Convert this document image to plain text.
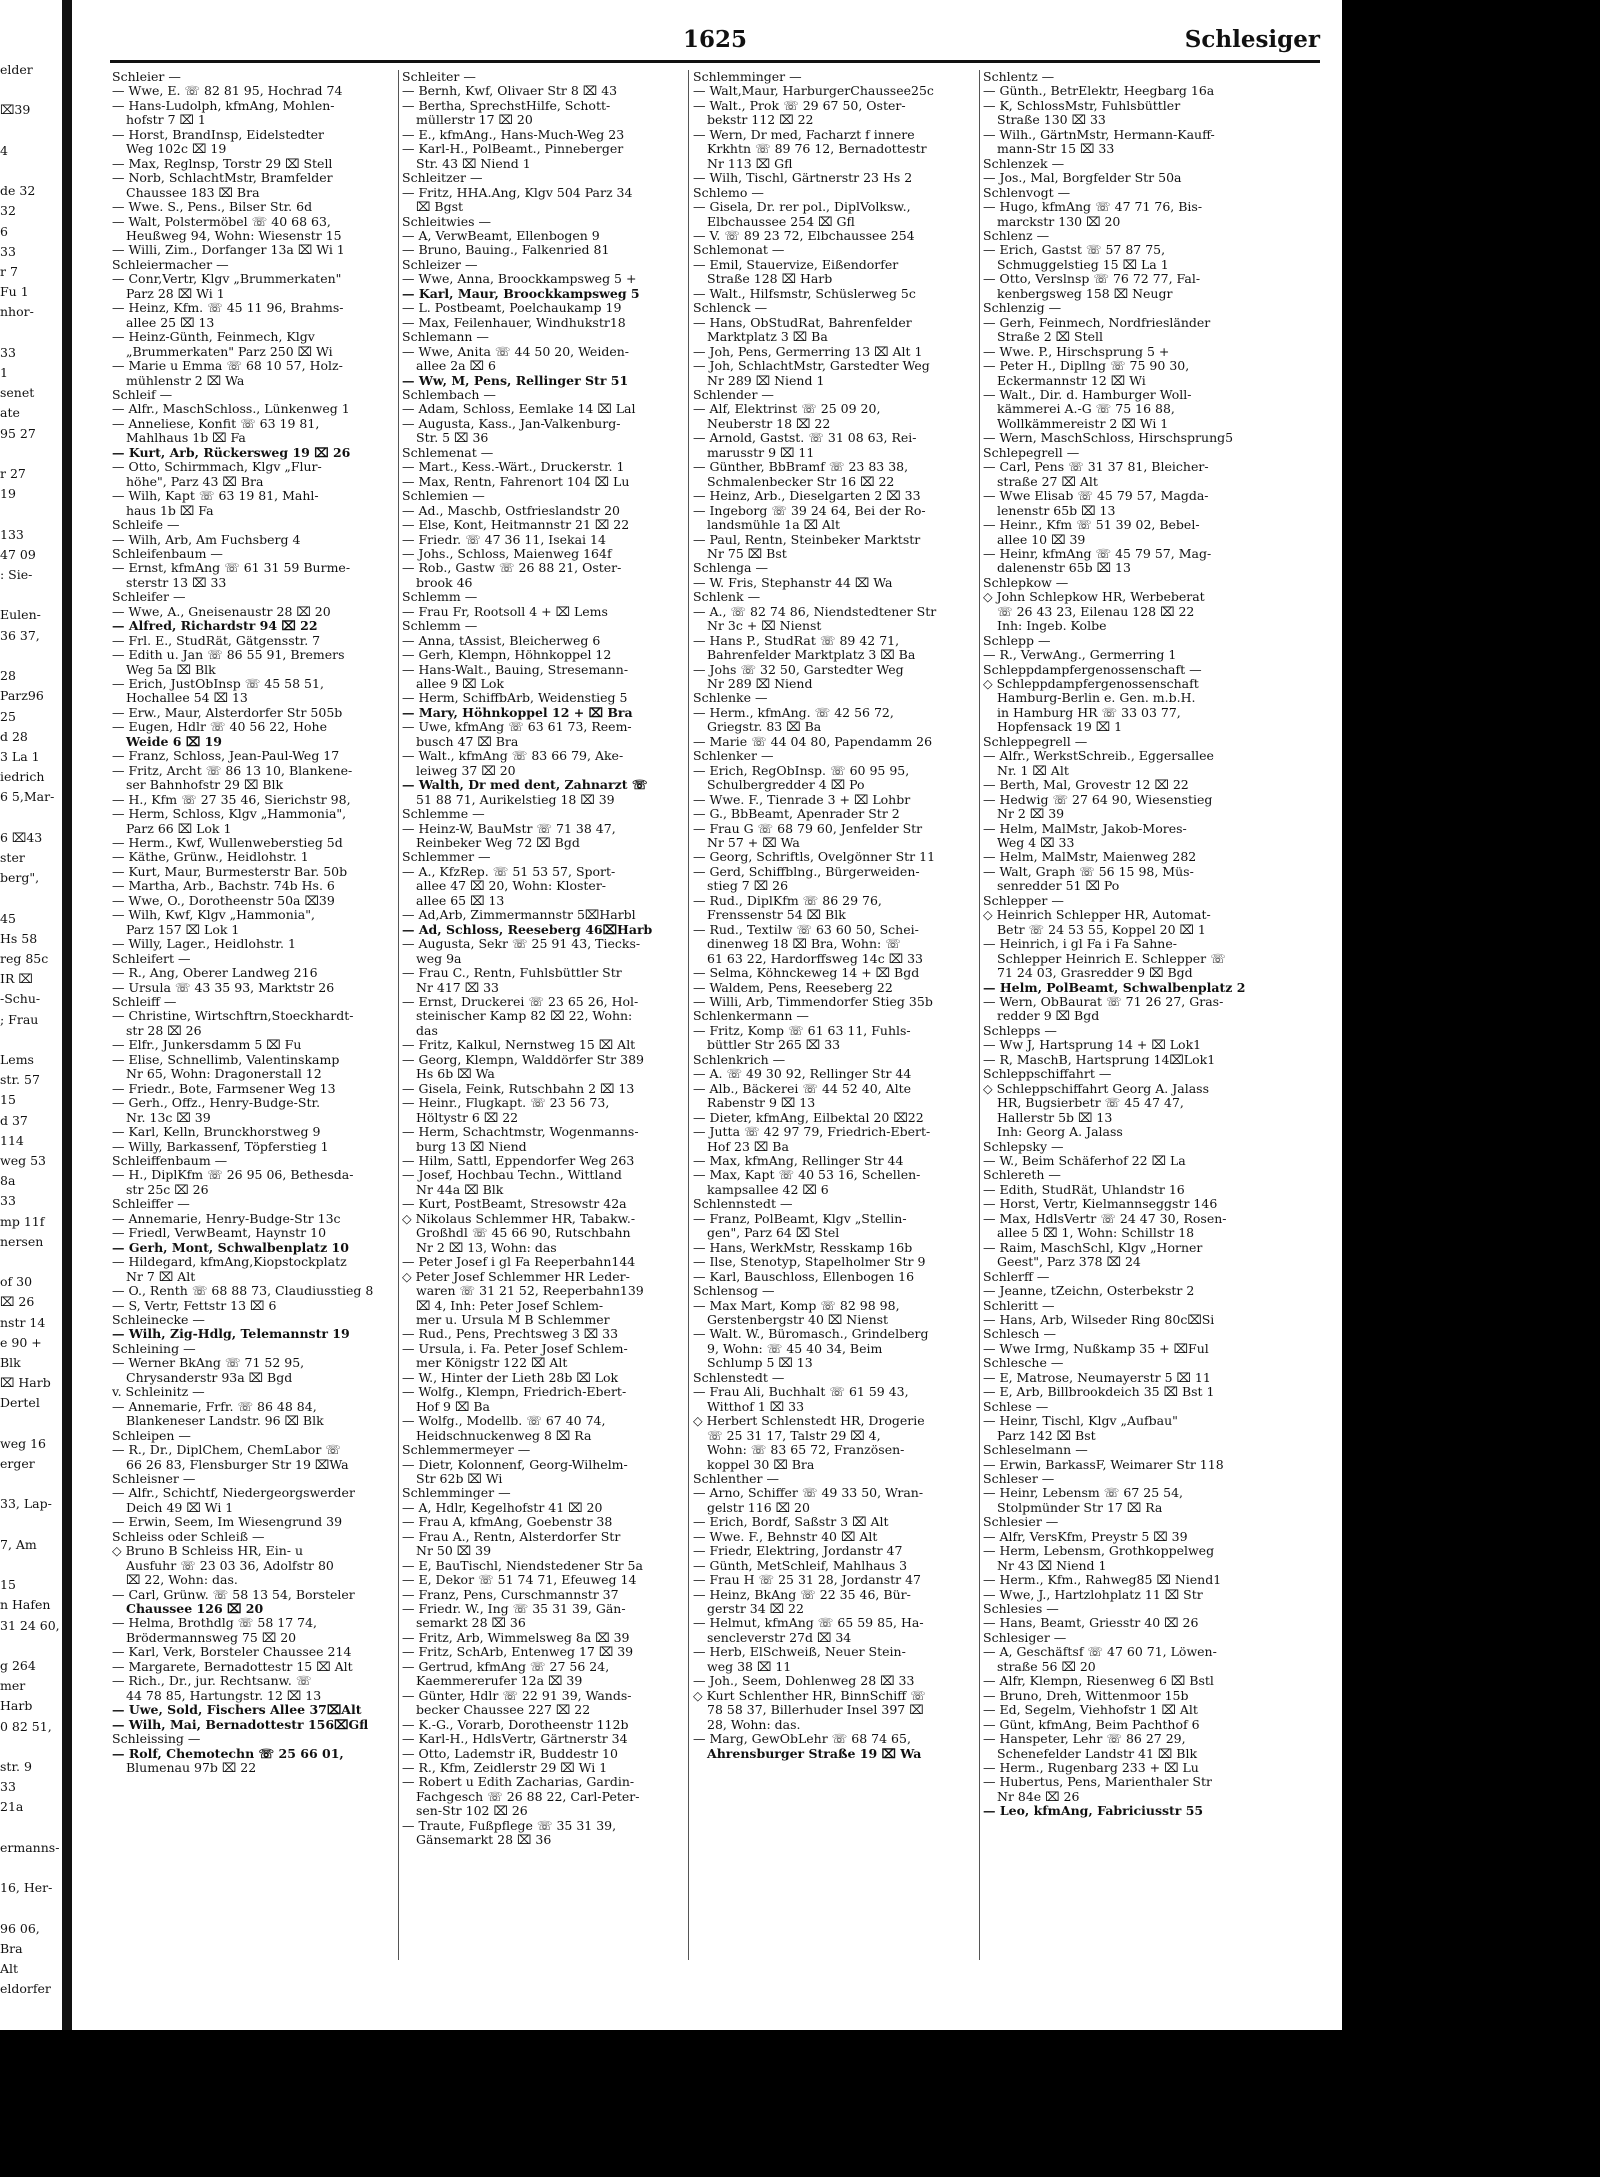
elder

⌧39

4

de 32
32
6
33
r 7
Fu 1
nhor-

33
1
senet
ate
95 27

r 27
19

133
47 09
: Sie-

Eulen-
36 37,

28
Parz96
25
d 28
3 La 1
iedrich
6 5,Mar-

6 ⌧43
ster
berg",

45
Hs 58
reg 85c
IR ⌧
-Schu-
; Frau

Lems
str. 57
15
d 37
114
weg 53
8a
33
mp 11f
nersen

of 30
⌧ 26
nstr 14
e 90 +
Blk
⌧ Harb
Dertel

weg 16
erger

33, Lap-

7, Am

15
n Hafen
31 24 60,

g 264
mer
Harb
0 82 51,

str. 9
33
21a

ermanns-

16, Her-

96 06,
Bra
Alt
eldorfer
1625	Schlesiger
Schleier —
— Wwe, E. ☏ 82 81 95, Hochrad 74
— Hans-Ludolph, kfmAng, Mohlen-
hofstr 7 ⌧ 1
— Horst, BrandInsp, Eidelstedter
Weg 102c ⌧ 19
— Max, Reglnsp, Torstr 29 ⌧ Stell
— Norb, SchlachtMstr, Bramfelder
Chaussee 183 ⌧ Bra
— Wwe. S., Pens., Bilser Str. 6d
— Walt, Polstermöbel ☏ 40 68 63,
Heußweg 94, Wohn: Wiesenstr 15
— Willi, Zim., Dorfanger 13a ⌧ Wi 1
Schleiermacher —
— Conr,Vertr, Klgv „Brummerkaten"
Parz 28 ⌧ Wi 1
— Heinz, Kfm. ☏ 45 11 96, Brahms-
allee 25 ⌧ 13
— Heinz-Günth, Feinmech, Klgv
„Brummerkaten" Parz 250 ⌧ Wi
— Marie u Emma ☏ 68 10 57, Holz-
mühlenstr 2 ⌧ Wa
Schleif —
— Alfr., MaschSchloss., Lünkenweg 1
— Anneliese, Konfit ☏ 63 19 81,
Mahlhaus 1b ⌧ Fa
— Kurt, Arb, Rückersweg 19 ⌧ 26
— Otto, Schirmmach, Klgv „Flur-
höhe", Parz 43 ⌧ Bra
— Wilh, Kapt ☏ 63 19 81, Mahl-
haus 1b ⌧ Fa
Schleife —
— Wilh, Arb, Am Fuchsberg 4
Schleifenbaum —
— Ernst, kfmAng ☏ 61 31 59 Burme-
sterstr 13 ⌧ 33
Schleifer —
— Wwe, A., Gneisenaustr 28 ⌧ 20
— Alfred, Richardstr 94 ⌧ 22
— Frl. E., StudRät, Gätgensstr. 7
— Edith u. Jan ☏ 86 55 91, Bremers
Weg 5a ⌧ Blk
— Erich, JustObInsp ☏ 45 58 51,
Hochallee 54 ⌧ 13
— Erw., Maur, Alsterdorfer Str 505b
— Eugen, Hdlr ☏ 40 56 22, Hohe
Weide 6 ⌧ 19
— Franz, Schloss, Jean-Paul-Weg 17
— Fritz, Archt ☏ 86 13 10, Blankene-
ser Bahnhofstr 29 ⌧ Blk
— H., Kfm ☏ 27 35 46, Sierichstr 98,
— Herm, Schloss, Klgv „Hammonia",
Parz 66 ⌧ Lok 1
— Herm., Kwf, Wullenweberstieg 5d
— Käthe, Grünw., Heidlohstr. 1
— Kurt, Maur, Burmesterstr Bar. 50b
— Martha, Arb., Bachstr. 74b Hs. 6
— Wwe, O., Dorotheenstr 50a ⌧39
— Wilh, Kwf, Klgv „Hammonia",
Parz 157 ⌧ Lok 1
— Willy, Lager., Heidlohstr. 1
Schleifert —
— R., Ang, Oberer Landweg 216
— Ursula ☏ 43 35 93, Marktstr 26
Schleiff —
— Christine, Wirtschftrn,Stoeckhardt-
str 28 ⌧ 26
— Elfr., Junkersdamm 5 ⌧ Fu
— Elise, Schnellimb, Valentinskamp
Nr 65, Wohn: Dragonerstall 12
— Friedr., Bote, Farmsener Weg 13
— Gerh., Offz., Henry-Budge-Str.
Nr. 13c ⌧ 39
— Karl, Kelln, Brunckhorstweg 9
— Willy, Barkassenf, Töpferstieg 1
Schleiffenbaum —
— H., DiplKfm ☏ 26 95 06, Bethesda-
str 25c ⌧ 26
Schleiffer —
— Annemarie, Henry-Budge-Str 13c
— Friedl, VerwBeamt, Haynstr 10
— Gerh, Mont, Schwalbenplatz 10
— Hildegard, kfmAng,Kiopstockplatz
Nr 7 ⌧ Alt
— O., Renth ☏ 68 88 73, Claudiusstieg 8
— S, Vertr, Fettstr 13 ⌧ 6
Schleinecke —
— Wilh, Zig-Hdlg, Telemannstr 19
Schleining —
— Werner BkAng ☏ 71 52 95,
Chrysanderstr 93a ⌧ Bgd
v. Schleinitz —
— Annemarie, Frfr. ☏ 86 48 84,
Blankeneser Landstr. 96 ⌧ Blk
Schleipen —
— R., Dr., DiplChem, ChemLabor ☏
66 26 83, Flensburger Str 19 ⌧Wa
Schleisner —
— Alfr., Schichtf, Niedergeorgswerder
Deich 49 ⌧ Wi 1
— Erwin, Seem, Im Wiesengrund 39
Schleiss oder Schleiß —
◇ Bruno B Schleiss HR, Ein- u
Ausfuhr ☏ 23 03 36, Adolfstr 80
⌧ 22, Wohn: das.
— Carl, Grünw. ☏ 58 13 54, Borsteler
Chaussee 126 ⌧ 20
— Helma, Brothdlg ☏ 58 17 74,
Brödermannsweg 75 ⌧ 20
— Karl, Verk, Borsteler Chaussee 214
— Margarete, Bernadottestr 15 ⌧ Alt
— Rich., Dr., jur. Rechtsanw. ☏
44 78 85, Hartungstr. 12 ⌧ 13
— Uwe, Sold, Fischers Allee 37⌧Alt
— Wilh, Mai, Bernadottestr 156⌧Gfl
Schleissing —
— Rolf, Chemotechn ☏ 25 66 01,
Blumenau 97b ⌧ 22
Schleiter —
— Bernh, Kwf, Olivaer Str 8 ⌧ 43
— Bertha, SprechstHilfe, Schott-
müllerstr 17 ⌧ 20
— E., kfmAng., Hans-Much-Weg 23
— Karl-H., PolBeamt., Pinneberger
Str. 43 ⌧ Niend 1
Schleitzer —
— Fritz, HHA.Ang, Klgv 504 Parz 34
⌧ Bgst
Schleitwies —
— A, VerwBeamt, Ellenbogen 9
— Bruno, Bauing., Falkenried 81
Schleizer —
— Wwe, Anna, Broockkampsweg 5 +
— Karl, Maur, Broockkampsweg 5
— L. Postbeamt, Poelchaukamp 19
— Max, Feilenhauer, Windhukstr18
Schlemann —
— Wwe, Anita ☏ 44 50 20, Weiden-
allee 2a ⌧ 6
— Ww, M, Pens, Rellinger Str 51
Schlembach —
— Adam, Schloss, Eemlake 14 ⌧ Lal
— Augusta, Kass., Jan-Valkenburg-
Str. 5 ⌧ 36
Schlemenat —
— Mart., Kess.-Wärt., Druckerstr. 1
— Max, Rentn, Fahrenort 104 ⌧ Lu
Schlemien —
— Ad., Maschb, Ostfrieslandstr 20
— Else, Kont, Heitmannstr 21 ⌧ 22
— Friedr. ☏ 47 36 11, Isekai 14
— Johs., Schloss, Maienweg 164f
— Rob., Gastw ☏ 26 88 21, Oster-
brook 46
Schlemm —
— Frau Fr, Rootsoll 4 + ⌧ Lems
Schlemm —
— Anna, tAssist, Bleicherweg 6
— Gerh, Klempn, Höhnkoppel 12
— Hans-Walt., Bauing, Stresemann-
allee 9 ⌧ Lok
— Herm, SchiffbArb, Weidenstieg 5
— Mary, Höhnkoppel 12 + ⌧ Bra
— Uwe, kfmAng ☏ 63 61 73, Reem-
busch 47 ⌧ Bra
— Walt., kfmAng ☏ 83 66 79, Ake-
leiweg 37 ⌧ 20
— Walth, Dr med dent, Zahnarzt ☏
51 88 71, Aurikelstieg 18 ⌧ 39
Schlemme —
— Heinz-W, BauMstr ☏ 71 38 47,
Reinbeker Weg 72 ⌧ Bgd
Schlemmer —
— A., KfzRep. ☏ 51 53 57, Sport-
allee 47 ⌧ 20, Wohn: Kloster-
allee 65 ⌧ 13
— Ad,Arb, Zimmermannstr 5⌧Harbl
— Ad, Schloss, Reeseberg 46⌧Harb
— Augusta, Sekr ☏ 25 91 43, Tiecks-
weg 9a
— Frau C., Rentn, Fuhlsbüttler Str
Nr 417 ⌧ 33
— Ernst, Druckerei ☏ 23 65 26, Hol-
steinischer Kamp 82 ⌧ 22, Wohn:
das
— Fritz, Kalkul, Nernstweg 15 ⌧ Alt
— Georg, Klempn, Walddörfer Str 389
Hs 6b ⌧ Wa
— Gisela, Feink, Rutschbahn 2 ⌧ 13
— Heinr., Flugkapt. ☏ 23 56 73,
Höltystr 6 ⌧ 22
— Herm, Schachtmstr, Wogenmanns-
burg 13 ⌧ Niend
— Hilm, Sattl, Eppendorfer Weg 263
— Josef, Hochbau Techn., Wittland
Nr 44a ⌧ Blk
— Kurt, PostBeamt, Stresowstr 42a
◇ Nikolaus Schlemmer HR, Tabakw.-
Großhdl ☏ 45 66 90, Rutschbahn
Nr 2 ⌧ 13, Wohn: das
— Peter Josef i gl Fa Reeperbahn144
◇ Peter Josef Schlemmer HR Leder-
waren ☏ 31 21 52, Reeperbahn139
⌧ 4, Inh: Peter Josef Schlem-
mer u. Ursula M B Schlemmer
— Rud., Pens, Prechtsweg 3 ⌧ 33
— Ursula, i. Fa. Peter Josef Schlem-
mer Königstr 122 ⌧ Alt
— W., Hinter der Lieth 28b ⌧ Lok
— Wolfg., Klempn, Friedrich-Ebert-
Hof 9 ⌧ Ba
— Wolfg., Modellb. ☏ 67 40 74,
Heidschnuckenweg 8 ⌧ Ra
Schlemmermeyer —
— Dietr, Kolonnenf, Georg-Wilhelm-
Str 62b ⌧ Wi
Schlemminger —
— A, Hdlr, Kegelhofstr 41 ⌧ 20
— Frau A, kfmAng, Goebenstr 38
— Frau A., Rentn, Alsterdorfer Str
Nr 50 ⌧ 39
— E, BauTischl, Niendstedener Str 5a
— E, Dekor ☏ 51 74 71, Efeuweg 14
— Franz, Pens, Curschmannstr 37
— Friedr. W., Ing ☏ 35 31 39, Gän-
semarkt 28 ⌧ 36
— Fritz, Arb, Wimmelsweg 8a ⌧ 39
— Fritz, SchArb, Entenweg 17 ⌧ 39
— Gertrud, kfmAng ☏ 27 56 24,
Kaemmererufer 12a ⌧ 39
— Günter, Hdlr ☏ 22 91 39, Wands-
becker Chaussee 227 ⌧ 22
— K.-G., Vorarb, Dorotheenstr 112b
— Karl-H., HdlsVertr, Gärtnerstr 34
— Otto, Lademstr iR, Buddestr 10
— R., Kfm, Zeidlerstr 29 ⌧ Wi 1
— Robert u Edith Zacharias, Gardin-
Fachgesch ☏ 26 88 22, Carl-Peter-
sen-Str 102 ⌧ 26
— Traute, Fußpflege ☏ 35 31 39,
Gänsemarkt 28 ⌧ 36
Schlemminger —
— Walt,Maur, HarburgerChaussee25c
— Walt., Prok ☏ 29 67 50, Oster-
bekstr 112 ⌧ 22
— Wern, Dr med, Facharzt f innere
Krkhtn ☏ 89 76 12, Bernadottestr
Nr 113 ⌧ Gfl
— Wilh, Tischl, Gärtnerstr 23 Hs 2
Schlemo —
— Gisela, Dr. rer pol., DiplVolksw.,
Elbchaussee 254 ⌧ Gfl
— V. ☏ 89 23 72, Elbchaussee 254
Schlemonat —
— Emil, Stauervize, Eißendorfer
Straße 128 ⌧ Harb
— Walt., Hilfsmstr, Schüslerweg 5c
Schlenck —
— Hans, ObStudRat, Bahrenfelder
Marktplatz 3 ⌧ Ba
— Joh, Pens, Germerring 13 ⌧ Alt 1
— Joh, SchlachtMstr, Garstedter Weg
Nr 289 ⌧ Niend 1
Schlender —
— Alf, Elektrinst ☏ 25 09 20,
Neuberstr 18 ⌧ 22
— Arnold, Gastst. ☏ 31 08 63, Rei-
marusstr 9 ⌧ 11
— Günther, BbBramf ☏ 23 83 38,
Schmalenbecker Str 16 ⌧ 22
— Heinz, Arb., Dieselgarten 2 ⌧ 33
— Ingeborg ☏ 39 24 64, Bei der Ro-
landsmühle 1a ⌧ Alt
— Paul, Rentn, Steinbeker Marktstr
Nr 75 ⌧ Bst
Schlenga —
— W. Fris, Stephanstr 44 ⌧ Wa
Schlenk —
— A., ☏ 82 74 86, Niendstedtener Str
Nr 3c + ⌧ Nienst
— Hans P., StudRat ☏ 89 42 71,
Bahrenfelder Marktplatz 3 ⌧ Ba
— Johs ☏ 32 50, Garstedter Weg
Nr 289 ⌧ Niend
Schlenke —
— Herm., kfmAng. ☏ 42 56 72,
Griegstr. 83 ⌧ Ba
— Marie ☏ 44 04 80, Papendamm 26
Schlenker —
— Erich, RegObInsp. ☏ 60 95 95,
Schulbergredder 4 ⌧ Po
— Wwe. F., Tienrade 3 + ⌧ Lohbr
— G., BbBeamt, Apenrader Str 2
— Frau G ☏ 68 79 60, Jenfelder Str
Nr 57 + ⌧ Wa
— Georg, Schriftls, Ovelgönner Str 11
— Gerd, Schiffblng., Bürgerweiden-
stieg 7 ⌧ 26
— Rud., DiplKfm ☏ 86 29 76,
Frenssenstr 54 ⌧ Blk
— Rud., Textilw ☏ 63 60 50, Schei-
dinenweg 18 ⌧ Bra, Wohn: ☏
61 63 22, Hardorffsweg 14c ⌧ 33
— Selma, Köhnckeweg 14 + ⌧ Bgd
— Waldem, Pens, Reeseberg 22
— Willi, Arb, Timmendorfer Stieg 35b
Schlenkermann —
— Fritz, Komp ☏ 61 63 11, Fuhls-
büttler Str 265 ⌧ 33
Schlenkrich —
— A. ☏ 49 30 92, Rellinger Str 44
— Alb., Bäckerei ☏ 44 52 40, Alte
Rabenstr 9 ⌧ 13
— Dieter, kfmAng, Eilbektal 20 ⌧22
— Jutta ☏ 42 97 79, Friedrich-Ebert-
Hof 23 ⌧ Ba
— Max, kfmAng, Rellinger Str 44
— Max, Kapt ☏ 40 53 16, Schellen-
kampsallee 42 ⌧ 6
Schlennstedt —
— Franz, PolBeamt, Klgv „Stellin-
gen", Parz 64 ⌧ Stel
— Hans, WerkMstr, Resskamp 16b
— Ilse, Stenotyp, Stapelholmer Str 9
— Karl, Bauschloss, Ellenbogen 16
Schlensog —
— Max Mart, Komp ☏ 82 98 98,
Gerstenbergstr 40 ⌧ Nienst
— Walt. W., Büromasch., Grindelberg
9, Wohn: ☏ 45 40 34, Beim
Schlump 5 ⌧ 13
Schlenstedt —
— Frau Ali, Buchhalt ☏ 61 59 43,
Witthof 1 ⌧ 33
◇ Herbert Schlenstedt HR, Drogerie
☏ 25 31 17, Talstr 29 ⌧ 4,
Wohn: ☏ 83 65 72, Französen-
koppel 30 ⌧ Bra
Schlenther —
— Arno, Schiffer ☏ 49 33 50, Wran-
gelstr 116 ⌧ 20
— Erich, Bordf, Saßstr 3 ⌧ Alt
— Wwe. F., Behnstr 40 ⌧ Alt
— Friedr, Elektring, Jordanstr 47
— Günth, MetSchleif, Mahlhaus 3
— Frau H ☏ 25 31 28, Jordanstr 47
— Heinz, BkAng ☏ 22 35 46, Bür-
gerstr 34 ⌧ 22
— Helmut, kfmAng ☏ 65 59 85, Ha-
sencleverstr 27d ⌧ 34
— Herb, ElSchweiß, Neuer Stein-
weg 38 ⌧ 11
— Joh., Seem, Dohlenweg 28 ⌧ 33
◇ Kurt Schlenther HR, BinnSchiff ☏
78 58 37, Billerhuder Insel 397 ⌧
28, Wohn: das.
— Marg, GewObLehr ☏ 68 74 65,
Ahrensburger Straße 19 ⌧ Wa
Schlentz —
— Günth., BetrElektr, Heegbarg 16a
— K, SchlossMstr, Fuhlsbüttler
Straße 130 ⌧ 33
— Wilh., GärtnMstr, Hermann-Kauff-
mann-Str 15 ⌧ 33
Schlenzek —
— Jos., Mal, Borgfelder Str 50a
Schlenvogt —
— Hugo, kfmAng ☏ 47 71 76, Bis-
marckstr 130 ⌧ 20
Schlenz —
— Erich, Gastst ☏ 57 87 75,
Schmuggelstieg 15 ⌧ La 1
— Otto, Verslnsp ☏ 76 72 77, Fal-
kenbergsweg 158 ⌧ Neugr
Schlenzig —
— Gerh, Feinmech, Nordfriesländer
Straße 2 ⌧ Stell
— Wwe. P., Hirschsprung 5 +
— Peter H., Dipllng ☏ 75 90 30,
Eckermannstr 12 ⌧ Wi
— Walt., Dir. d. Hamburger Woll-
kämmerei A.-G ☏ 75 16 88,
Wollkämmereistr 2 ⌧ Wi 1
— Wern, MaschSchloss, Hirschsprung5
Schlepegrell —
— Carl, Pens ☏ 31 37 81, Bleicher-
straße 27 ⌧ Alt
— Wwe Elisab ☏ 45 79 57, Magda-
lenenstr 65b ⌧ 13
— Heinr., Kfm ☏ 51 39 02, Bebel-
allee 10 ⌧ 39
— Heinr, kfmAng ☏ 45 79 57, Mag-
dalenenstr 65b ⌧ 13
Schlepkow —
◇ John Schlepkow HR, Werbeberat
☏ 26 43 23, Eilenau 128 ⌧ 22
Inh: Ingeb. Kolbe
Schlepp —
— R., VerwAng., Germerring 1
Schleppdampfergenossenschaft —
◇ Schleppdampfergenossenschaft
Hamburg-Berlin e. Gen. m.b.H.
in Hamburg HR ☏ 33 03 77,
Hopfensack 19 ⌧ 1
Schleppegrell —
— Alfr., WerkstSchreib., Eggersallee
Nr. 1 ⌧ Alt
— Berth, Mal, Grovestr 12 ⌧ 22
— Hedwig ☏ 27 64 90, Wiesenstieg
Nr 2 ⌧ 39
— Helm, MalMstr, Jakob-Mores-
Weg 4 ⌧ 33
— Helm, MalMstr, Maienweg 282
— Walt, Graph ☏ 56 15 98, Müs-
senredder 51 ⌧ Po
Schlepper —
◇ Heinrich Schlepper HR, Automat-
Betr ☏ 24 53 55, Koppel 20 ⌧ 1
— Heinrich, i gl Fa i Fa Sahne-
Schlepper Heinrich E. Schlepper ☏
71 24 03, Grasredder 9 ⌧ Bgd
— Helm, PolBeamt, Schwalbenplatz 2
— Wern, ObBaurat ☏ 71 26 27, Gras-
redder 9 ⌧ Bgd
Schlepps —
— Ww J, Hartsprung 14 + ⌧ Lok1
— R, MaschB, Hartsprung 14⌧Lok1
Schleppschiffahrt —
◇ Schleppschiffahrt Georg A. Jalass
HR, Bugsierbetr ☏ 45 47 47,
Hallerstr 5b ⌧ 13
Inh: Georg A. Jalass
Schlepsky —
— W., Beim Schäferhof 22 ⌧ La
Schlereth —
— Edith, StudRät, Uhlandstr 16
— Horst, Vertr, Kielmannseggstr 146
— Max, HdlsVertr ☏ 24 47 30, Rosen-
allee 5 ⌧ 1, Wohn: Schillstr 18
— Raim, MaschSchl, Klgv „Horner
Geest", Parz 378 ⌧ 24
Schlerff —
— Jeanne, tZeichn, Osterbekstr 2
Schleritt —
— Hans, Arb, Wilseder Ring 80c⌧Si
Schlesch —
— Wwe Irmg, Nußkamp 35 + ⌧Ful
Schlesche —
— E, Matrose, Neumayerstr 5 ⌧ 11
— E, Arb, Billbrookdeich 35 ⌧ Bst 1
Schlese —
— Heinr, Tischl, Klgv „Aufbau"
Parz 142 ⌧ Bst
Schleselmann —
— Erwin, BarkassF, Weimarer Str 118
Schleser —
— Heinr, Lebensm ☏ 67 25 54,
Stolpmünder Str 17 ⌧ Ra
Schlesier —
— Alfr, VersKfm, Preystr 5 ⌧ 39
— Herm, Lebensm, Grothkoppelweg
Nr 43 ⌧ Niend 1
— Herm., Kfm., Rahweg85 ⌧ Niend1
— Wwe, J., Hartzlohplatz 11 ⌧ Str
Schlesies —
— Hans, Beamt, Griesstr 40 ⌧ 26
Schlesiger —
— A, Geschäftsf ☏ 47 60 71, Löwen-
straße 56 ⌧ 20
— Alfr, Klempn, Riesenweg 6 ⌧ Bstl
— Bruno, Dreh, Wittenmoor 15b
— Ed, Segelm, Viehhofstr 1 ⌧ Alt
— Günt, kfmAng, Beim Pachthof 6
— Hanspeter, Lehr ☏ 86 27 29,
Schenefelder Landstr 41 ⌧ Blk
— Herm., Rugenbarg 233 + ⌧ Lu
— Hubertus, Pens, Marienthaler Str
Nr 84e ⌧ 26
— Leo, kfmAng, Fabriciusstr 55
